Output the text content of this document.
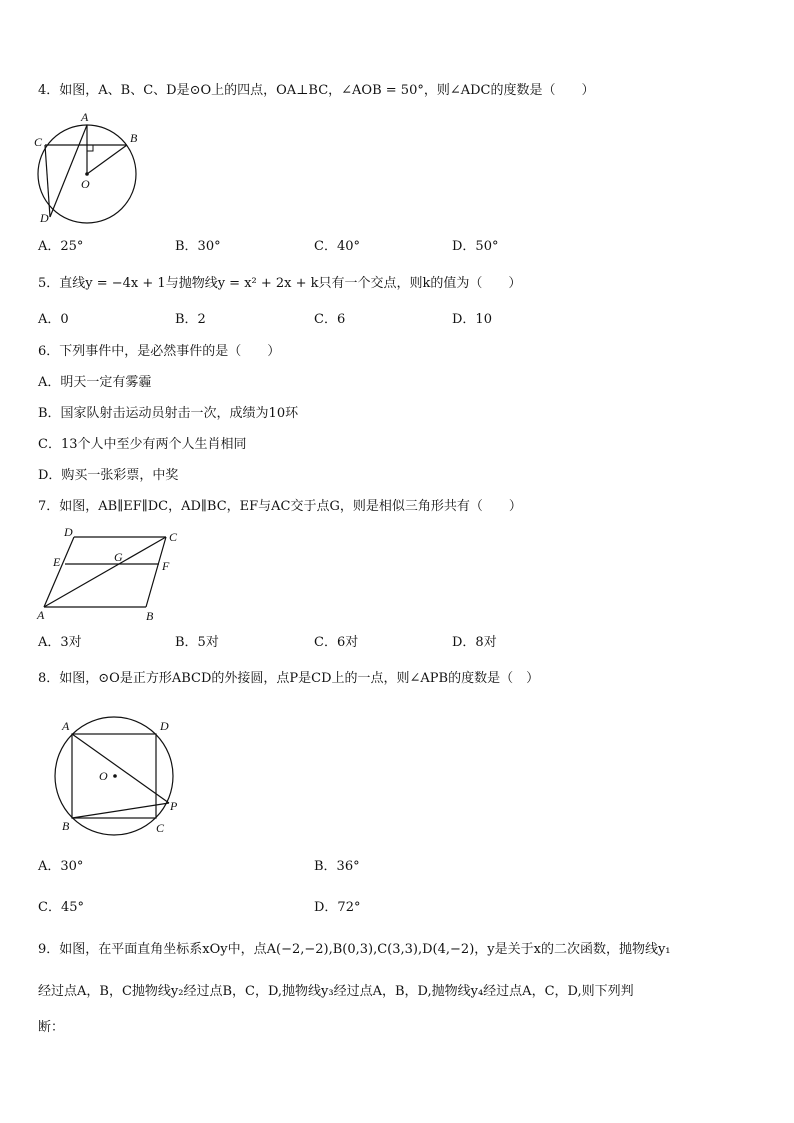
4．如图，A、B、C、D是⊙O上的四点，OA⊥BC，∠AOB = 50°，则∠ADC的度数是（　　）
A
B
C
D
O
A．25°	B．30°	C．40°	D．50°
5．直线y = −4x + 1与抛物线y = x² + 2x + k只有一个交点，则k的值为（　　）
A．0	B．2	C．6	D．10
6．下列事件中，是必然事件的是（　　）
A．明天一定有雾霾
B．国家队射击运动员射击一次，成绩为10环
C．13个人中至少有两个人生肖相同
D．购买一张彩票，中奖
7．如图，AB∥EF∥DC，AD∥BC，EF与AC交于点G，则是相似三角形共有（　　）
A	B
C
D
E	F
G
A．3对	B．5对	C．6对	D．8对
8．如图，⊙O是正方形ABCD的外接圆，点P是CD上的一点，则∠APB的度数是（　）
A	D
B	C
P
O
A．30°	B．36°
C．45°	D．72°
9．如图，在平面直角坐标系xOy中，点A(−2,−2),B(0,3),C(3,3),D(4,−2)，y是关于x的二次函数，抛物线y₁
经过点A，B，C抛物线y₂经过点B，C，D,抛物线y₃经过点A，B，D,抛物线y₄经过点A，C，D,则下列判
断：
